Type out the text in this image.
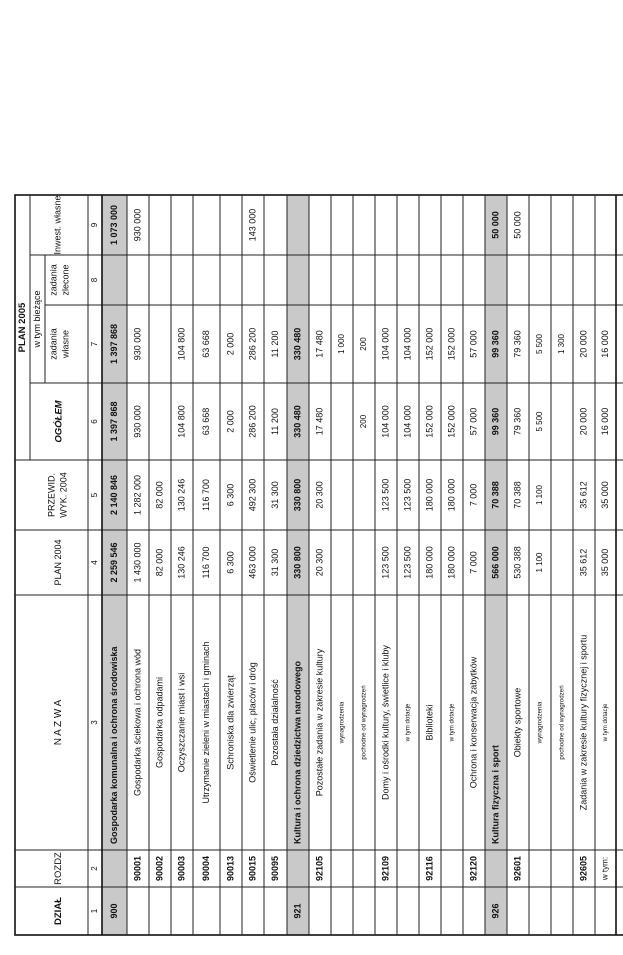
DZIAŁ
ROZDZ
N A Z W A
PLAN 2004
PRZEWID. WYK. 2004
PLAN 2005
OGÓŁEM
w tym bieżące zadania własne
zadania zlecone
Inwest. własne
1
2
3
4
5
6
7
8
9
900
Gospodarka komunalna i ochrona środowiska
2 259 546
2 140 846
1 397 868
1 397 868
1 073 000
90001
Gospodarka ściekowa i ochrona wód
1 430 000
1 282 000
930 000
930 000
930 000
90002
Gospodarka odpadami
82 000
82 000
90003
Oczyszczanie miast i wsi
130 246
130 246
104 800
104 800
90004
Utrzymanie zieleni w miastach i gminach
116 700
116 700
63 668
63 668
90013
Schroniska dla zwierząt
6 300
6 300
2 000
2 000
90015
Oświetlenie ulic, placów i dróg
463 000
492 300
286 200
286 200
143 000
90095
Pozostała działalność
31 300
31 300
11 200
11 200
921
Kultura i ochrona dziedzictwa narodowego
330 800
330 800
330 480
330 480
92105
Pozostałe zadania w zakresie kultury
20 300
20 300
17 480
17 480
wynagrodzenia
1 000
pochodne od wynagrodzeń
200
200
92109
Domy i ośrodki kultury, świetlice i kluby
123 500
123 500
104 000
104 000
w tym dotacje
123 500
123 500
104 000
104 000
92116
Biblioteki
180 000
180 000
152 000
152 000
w tym dotacje
180 000
180 000
152 000
152 000
92120
Ochrona i konserwacja zabytków
7 000
7 000
57 000
57 000
926
Kultura fizyczna i sport
566 000
70 388
99 360
99 360
50 000
92601
Obiekty sportowe
530 388
70 388
79 360
79 360
50 000
wynagrodzenia
1 100
1 100
5 500
5 500
pochodne od wynagrodzeń
1 300
92605
Zadania w zakresie kultury fizycznej i sportu
35 612
35 612
20 000
20 000
w tym:
w tym dotacje
35 000
35 000
16 000
16 000
